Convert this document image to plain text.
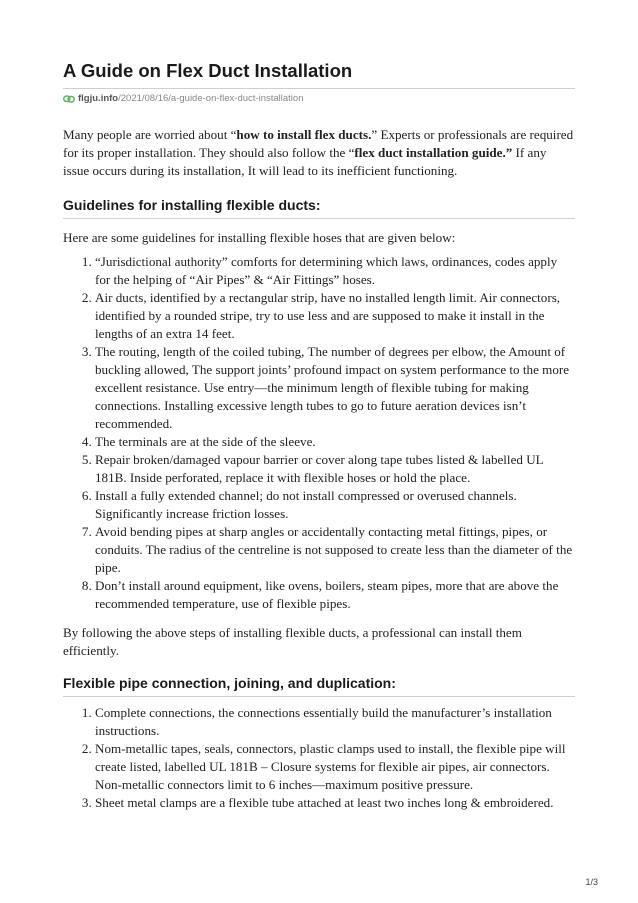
A Guide on Flex Duct Installation
flgju.info /2021/08/16/a-guide-on-flex-duct-installation

Many people are worried about “how to install flex ducts.” Experts or professionals are required for its proper installation. They should also follow the “flex duct installation guide.” If any issue occurs during its installation, It will lead to its inefficient functioning.

Guidelines for installing flexible ducts:

Here are some guidelines for installing flexible hoses that are given below:

1. “Jurisdictional authority” comforts for determining which laws, ordinances, codes apply for the helping of “Air Pipes” & “Air Fittings” hoses.
2. Air ducts, identified by a rectangular strip, have no installed length limit. Air connectors, identified by a rounded stripe, try to use less and are supposed to make it install in the lengths of an extra 14 feet.
3. The routing, length of the coiled tubing, The number of degrees per elbow, the Amount of buckling allowed, The support joints’ profound impact on system performance to the more excellent resistance. Use entry—the minimum length of flexible tubing for making connections. Installing excessive length tubes to go to future aeration devices isn’t recommended.
4. The terminals are at the side of the sleeve.
5. Repair broken/damaged vapour barrier or cover along tape tubes listed & labelled UL 181B. Inside perforated, replace it with flexible hoses or hold the place.
6. Install a fully extended channel; do not install compressed or overused channels. Significantly increase friction losses.
7. Avoid bending pipes at sharp angles or accidentally contacting metal fittings, pipes, or conduits. The radius of the centreline is not supposed to create less than the diameter of the pipe.
8. Don’t install around equipment, like ovens, boilers, steam pipes, more that are above the recommended temperature, use of flexible pipes.

By following the above steps of installing flexible ducts, a professional can install them efficiently.

Flexible pipe connection, joining, and duplication:
1. Complete connections, the connections essentially build the manufacturer’s installation instructions.
2. Nom-metallic tapes, seals, connectors, plastic clamps used to install, the flexible pipe will create listed, labelled UL 181B – Closure systems for flexible air pipes, air connectors. Non-metallic connectors limit to 6 inches—maximum positive pressure.
3. Sheet metal clamps are a flexible tube attached at least two inches long & embroidered.
1/3
